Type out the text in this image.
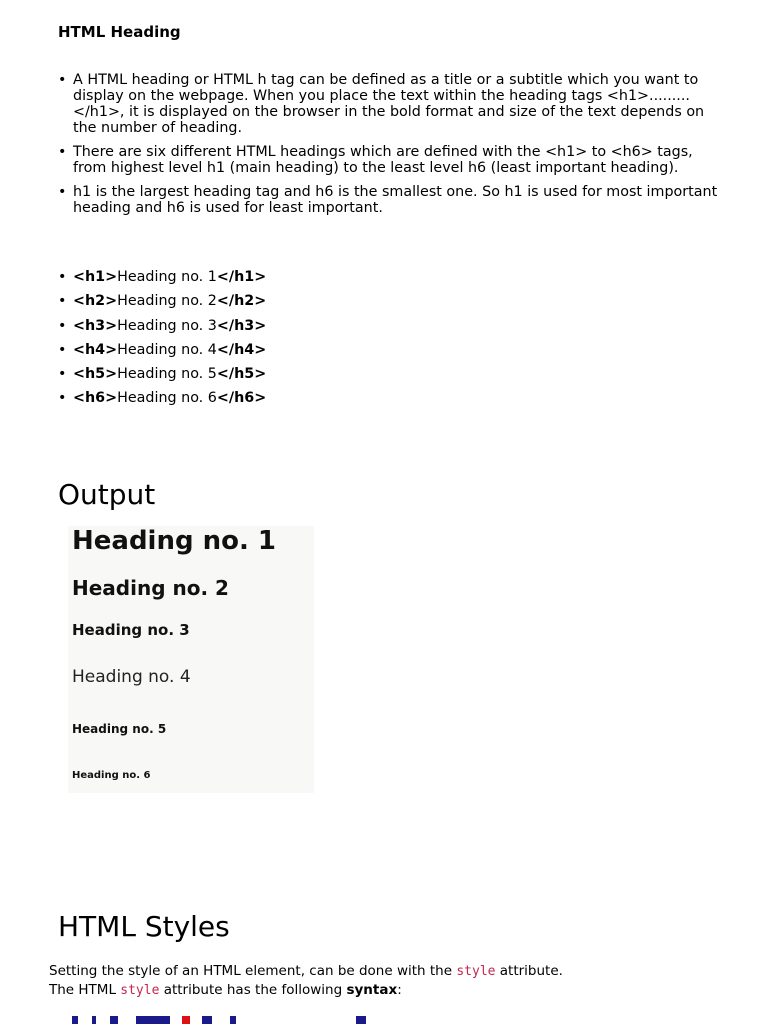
HTML Heading
• A HTML heading or HTML h tag can be defined as a title or a subtitle which you want to display on the webpage. When you place the text within the heading tags <h1>.........</h1>, it is displayed on the browser in the bold format and size of the text depends on the number of heading.
• There are six different HTML headings which are defined with the <h1> to <h6> tags, from highest level h1 (main heading) to the least level h6 (least important heading).
• h1 is the largest heading tag and h6 is the smallest one. So h1 is used for most important heading and h6 is used for least important.
• <h1>Heading no. 1</h1>
• <h2>Heading no. 2</h2>
• <h3>Heading no. 3</h3>
• <h4>Heading no. 4</h4>
• <h5>Heading no. 5</h5>
• <h6>Heading no. 6</h6>
Output
Heading no. 1
Heading no. 2
Heading no. 3
Heading no. 4
Heading no. 5
Heading no. 6
HTML Styles

Setting the style of an HTML element, can be done with the style attribute.
The HTML style attribute has the following syntax:
